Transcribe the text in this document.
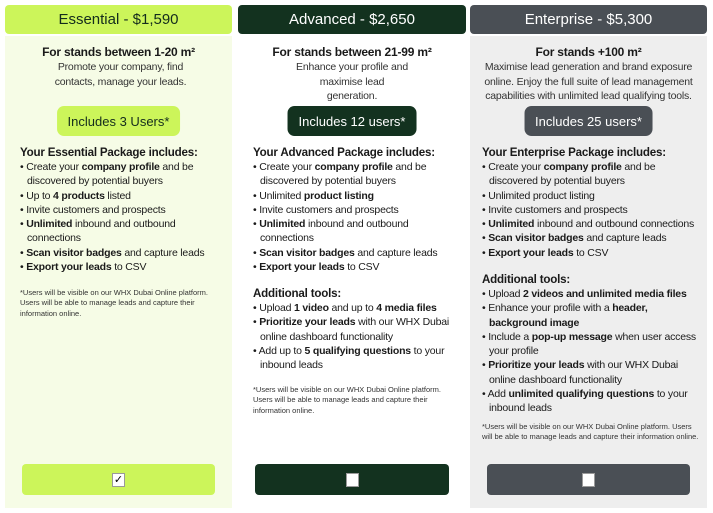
Essential - $1,590
For stands between 1-20 m²
Promote your company, find contacts, manage your leads.
Includes 3 Users*
Your Essential Package includes:
• Create your company profile and be discovered by potential buyers
• Up to 4 products listed
• Invite customers and prospects
• Unlimited inbound and outbound connections
• Scan visitor badges and capture leads
• Export your leads to CSV
*Users will be visible on our WHX Dubai Online platform. Users will be able to manage leads and capture their information online.
✓
Advanced - $2,650
For stands between 21-99 m²
Enhance your profile and maximise lead generation.
Includes 12 users*
Your Advanced Package includes:
• Create your company profile and be discovered by potential buyers
• Unlimited product listing
• Invite customers and prospects
• Unlimited inbound and outbound connections
• Scan visitor badges and capture leads
• Export your leads to CSV
Additional tools:
• Upload 1 video and up to 4 media files
• Prioritize your leads with our WHX Dubai online dashboard functionality
• Add up to 5 qualifying questions to your inbound leads
*Users will be visible on our WHX Dubai Online platform. Users will be able to manage leads and capture their information online.
Enterprise - $5,300
For stands +100 m²
Maximise lead generation and brand exposure online. Enjoy the full suite of lead management capabilities with unlimited lead qualifying tools.
Includes 25 users*
Your Enterprise Package includes:
• Create your company profile and be discovered by potential buyers
• Unlimited product listing
• Invite customers and prospects
• Unlimited inbound and outbound connections
• Scan visitor badges and capture leads
• Export your leads to CSV
Additional tools:
• Upload 2 videos and unlimited media files
• Enhance your profile with a header, background image
• Include a pop-up message when user access your profile
• Prioritize your leads with our WHX Dubai online dashboard functionality
• Add unlimited qualifying questions to your inbound leads
*Users will be visible on our WHX Dubai Online platform. Users will be able to manage leads and capture their information online.
